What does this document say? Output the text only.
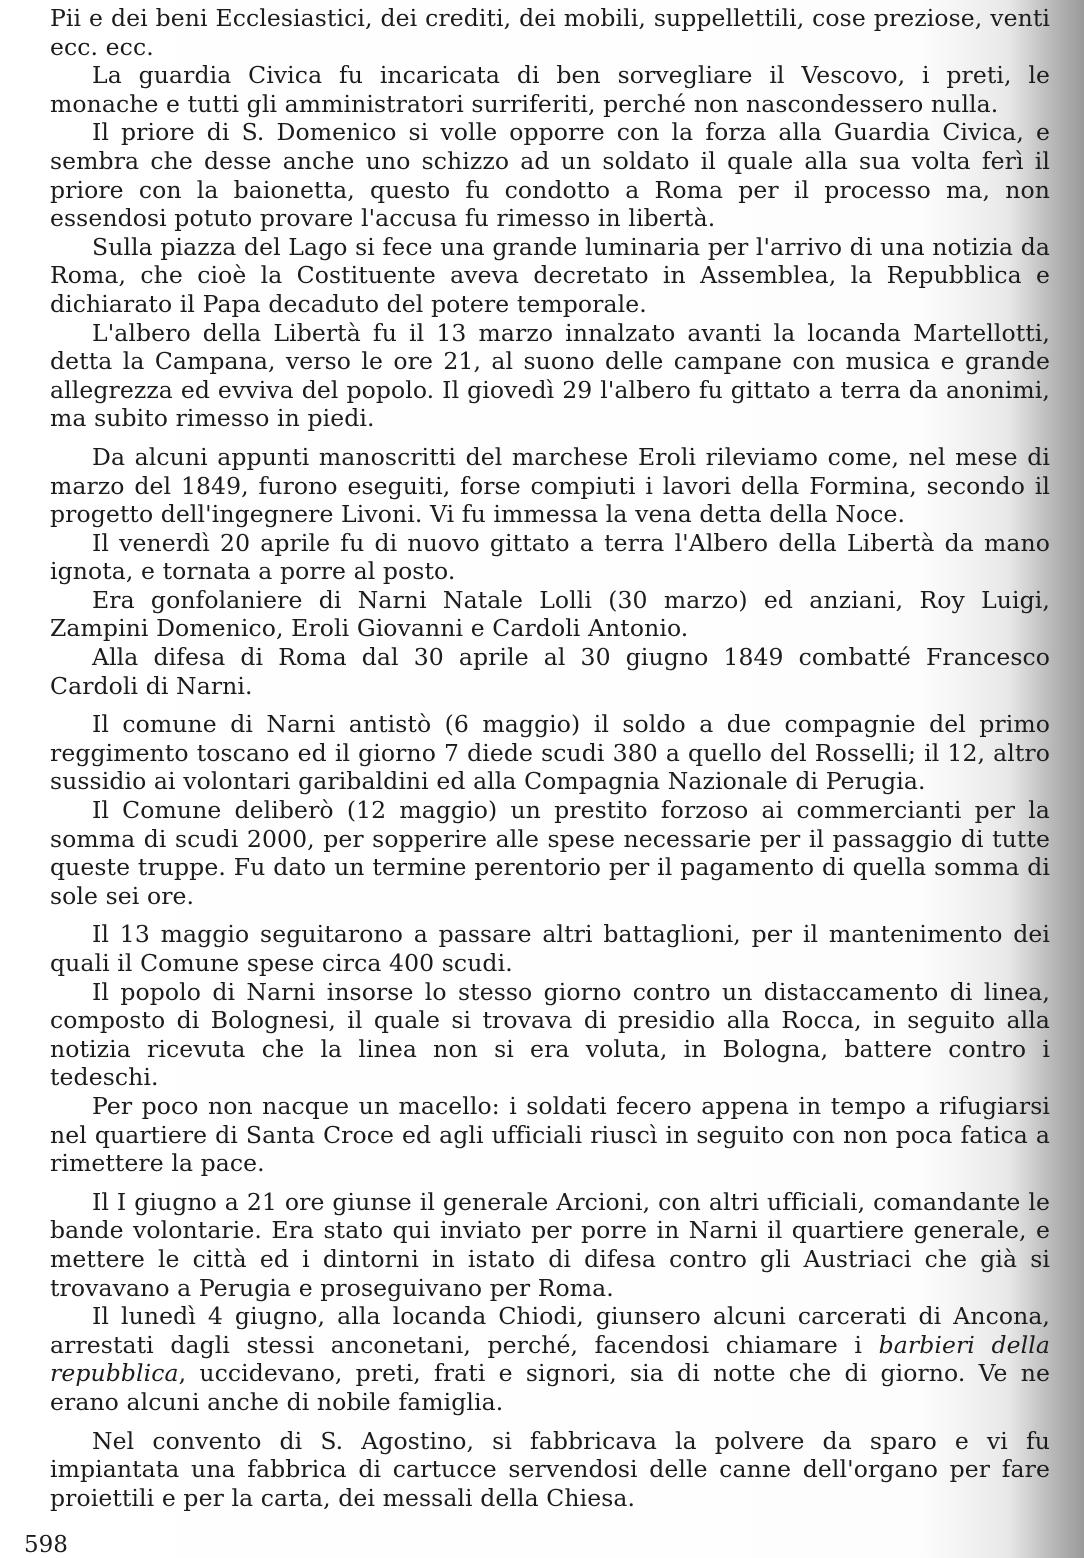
Pii e dei beni Ecclesiastici, dei crediti, dei mobili, suppellettili, cose preziose, venti ecc. ecc.

La guardia Civica fu incaricata di ben sorvegliare il Vescovo, i preti, le monache e tutti gli amministratori surriferiti, perché non nascondessero nulla.

Il priore di S. Domenico si volle opporre con la forza alla Guardia Civica, e sembra che desse anche uno schizzo ad un soldato il quale alla sua volta ferì il priore con la baionetta, questo fu condotto a Roma per il processo ma, non essendosi potuto provare l'accusa fu rimesso in libertà.

Sulla piazza del Lago si fece una grande luminaria per l'arrivo di una notizia da Roma, che cioè la Costituente aveva decretato in Assemblea, la Repubblica e dichiarato il Papa decaduto del potere temporale.

L'albero della Libertà fu il 13 marzo innalzato avanti la locanda Martellotti, detta la Campana, verso le ore 21, al suono delle campane con musica e grande allegrezza ed evviva del popolo. Il giovedì 29 l'albero fu gittato a terra da anonimi, ma subito rimesso in piedi.

Da alcuni appunti manoscritti del marchese Eroli rileviamo come, nel mese di marzo del 1849, furono eseguiti, forse compiuti i lavori della Formina, secondo il progetto dell'ingegnere Livoni. Vi fu immessa la vena detta della Noce.

Il venerdì 20 aprile fu di nuovo gittato a terra l'Albero della Libertà da mano ignota, e tornata a porre al posto.

Era gonfolaniere di Narni Natale Lolli (30 marzo) ed anziani, Roy Luigi, Zampini Domenico, Eroli Giovanni e Cardoli Antonio.

Alla difesa di Roma dal 30 aprile al 30 giugno 1849 combatté Francesco Cardoli di Narni.

Il comune di Narni antistò (6 maggio) il soldo a due compagnie del primo reggimento toscano ed il giorno 7 diede scudi 380 a quello del Rosselli; il 12, altro sussidio ai volontari garibaldini ed alla Compagnia Nazionale di Perugia.

Il Comune deliberò (12 maggio) un prestito forzoso ai commercianti per la somma di scudi 2000, per sopperire alle spese necessarie per il passaggio di tutte queste truppe. Fu dato un termine perentorio per il pagamento di quella somma di sole sei ore.

Il 13 maggio seguitarono a passare altri battaglioni, per il mantenimento dei quali il Comune spese circa 400 scudi.

Il popolo di Narni insorse lo stesso giorno contro un distaccamento di linea, composto di Bolognesi, il quale si trovava di presidio alla Rocca, in seguito alla notizia ricevuta che la linea non si era voluta, in Bologna, battere contro i tedeschi.

Per poco non nacque un macello: i soldati fecero appena in tempo a rifugiarsi nel quartiere di Santa Croce ed agli ufficiali riuscì in seguito con non poca fatica a rimettere la pace.

Il I giugno a 21 ore giunse il generale Arcioni, con altri ufficiali, comandante le bande volontarie. Era stato qui inviato per porre in Narni il quartiere generale, e mettere le città ed i dintorni in istato di difesa contro gli Austriaci che già si trovavano a Perugia e proseguivano per Roma.

Il lunedì 4 giugno, alla locanda Chiodi, giunsero alcuni carcerati di Ancona, arrestati dagli stessi anconetani, perché, facendosi chiamare i barbieri della repubblica, uccidevano, preti, frati e signori, sia di notte che di giorno. Ve ne erano alcuni anche di nobile famiglia.

Nel convento di S. Agostino, si fabbricava la polvere da sparo e vi fu impiantata una fabbrica di cartucce servendosi delle canne dell'organo per fare proiettili e per la carta, dei messali della Chiesa.

598
